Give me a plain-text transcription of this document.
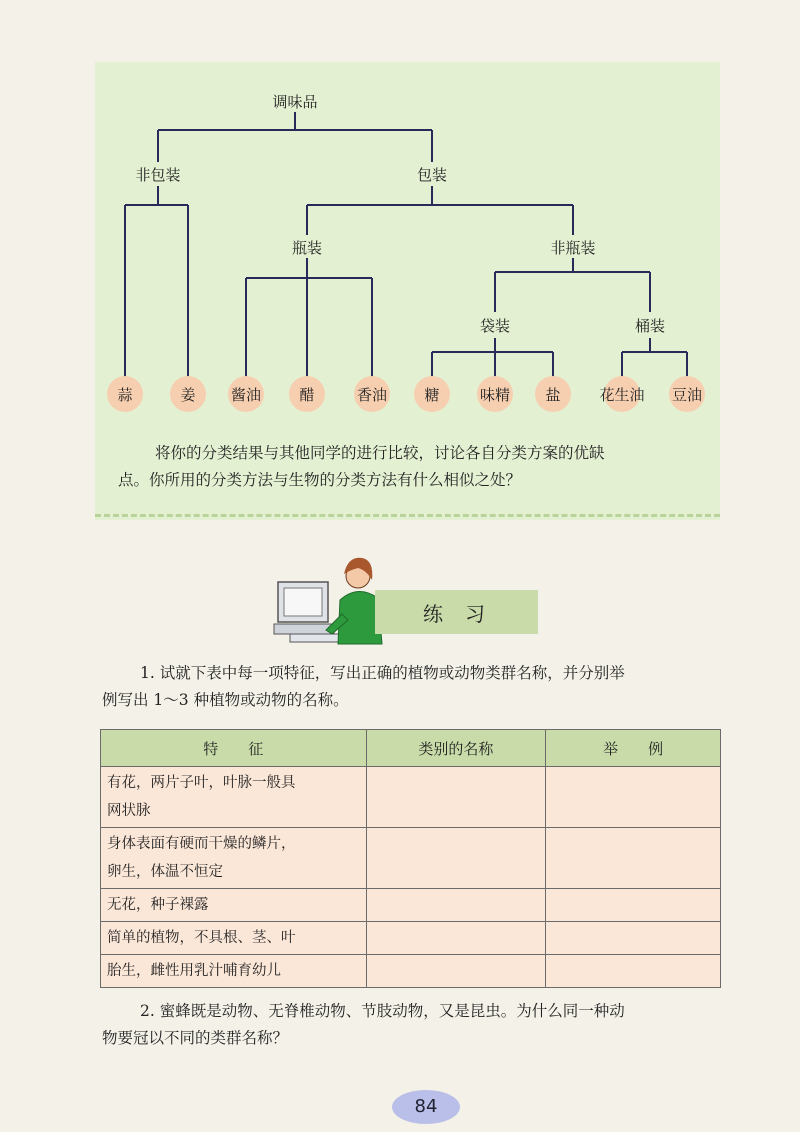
调味品
非包装	包装
瓶装	非瓶装
袋装	桶装
蒜	姜 酱油	醋	香油 糖	味精 盐	花生油 豆油
将你的分类结果与其他同学的进行比较，讨论各自分类方案的优缺
点。你所用的分类方法与生物的分类方法有什么相似之处？
练习
1. 试就下表中每一项特征，写出正确的植物或动物类群名称，并分别举
例写出 1～3 种植物或动物的名称。
特　　征	类别的名称	举　　例

有花，两片子叶，叶脉一般具
网状脉		

身体表面有硬而干燥的鳞片，
卵生，体温不恒定		

无花，种子裸露		

简单的植物，不具根、茎、叶		

胎生，雌性用乳汁哺育幼儿		

2. 蜜蜂既是动物、无脊椎动物、节肢动物，又是昆虫。为什么同一种动
物要冠以不同的类群名称？
84
